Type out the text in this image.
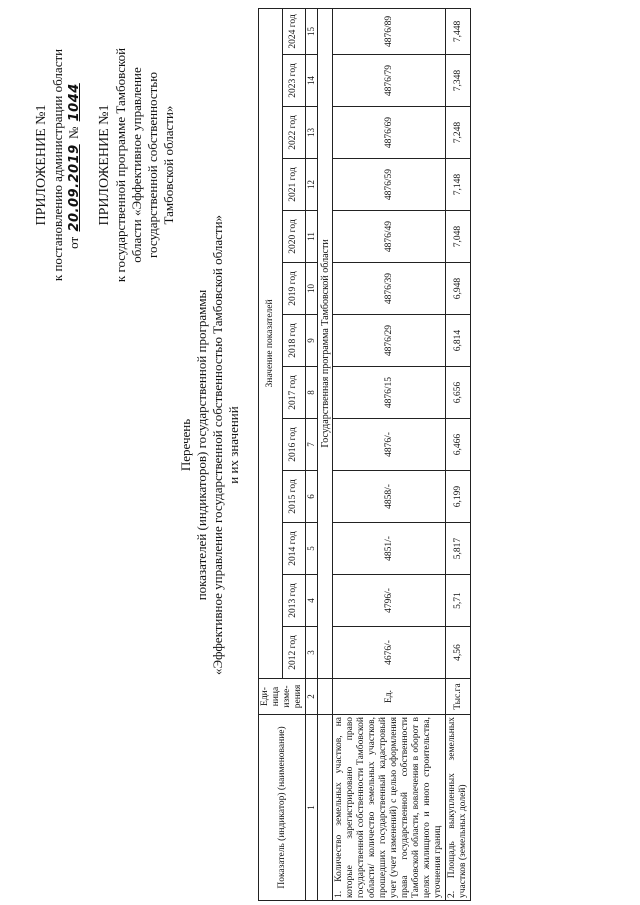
ПРИЛОЖЕНИЕ №1 к постановлению администрации области от 20.09.2019 № 1044
ПРИЛОЖЕНИЕ №1 к государственной программе Тамбовской области «Эффективное управление государственной собственностью Тамбовской области»
Перечень показателей (индикаторов) государственной программы «Эффективное управление государственной собственностью Тамбовской области» и их значений
Показатель (индикатор) (наименование)	Еди-ница изме-рения	Значение показателей												
		2012 год	2013 год	2014 год	2015 год	2016 год	2017 год	2018 год	2019 год	2020 год	2021 год	2022 год	2023 год	2024 год
1	2	3	4	5	6	7	8	9	10	11	12	13	14	15
		Государственная программа Тамбовской области												
1. Количество земельных участков, на которые зарегистрировано право государственной собственности Тамбовской области/ количество земельных участков, прошедших государственный кадастровый учет (учет изменений) с целью оформления права государственной собственности Тамбовской области, вовлечения в оборот в целях жилищного и иного строительства, уточнения границ	Ед.	4676/-	4796/-	4851/-	4858/-	4876/-	4876/15	4876/29	4876/39	4876/49	4876/59	4876/69	4876/79	4876/89
2. Площадь выкупленных земельных участков (земельных долей)	Тыс.га	4,56	5,71	5,817	6,199	6,466	6,656	6,814	6,948	7,048	7,148	7,248	7,348	7,448
